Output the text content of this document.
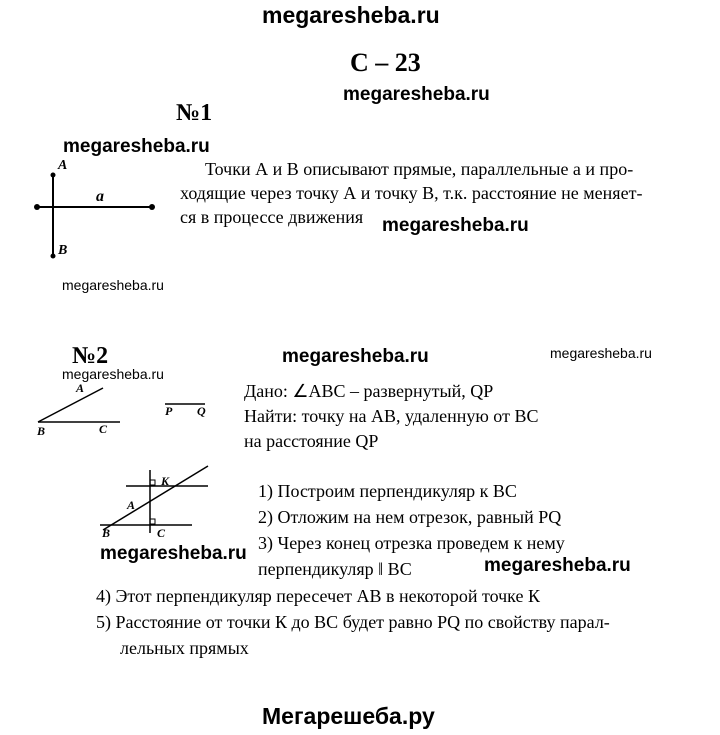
megaresheba.ru
С – 23
megaresheba.ru
№1
megaresheba.ru
A
a
B
Точки А и В описывают прямые, параллельные а и про-
ходящие через точку А и точку В, т.к. расстояние не меняет-
ся в процессе движения megaresheba.ru
megaresheba.ru
№2	megaresheba.ru	megaresheba.ru
megaresheba.ru
A
B	C
P Q
Дано: ∠ABC – развернутый, QP
Найти: точку на АВ, удаленную от ВС
на расстояние QP
K
A
B	C
1) Построим перпендикуляр к ВС
2) Отложим на нем отрезок, равный PQ
3) Через конец отрезка проведем к нему
перпендикуляр ‖ ВС
megaresheba.ru
megaresheba.ru
4) Этот перпендикуляр пересечет АВ в некоторой точке К
5) Расстояние от точки К до ВС будет равно PQ по свойству парал-
лельных прямых
Мегарешеба.ру
